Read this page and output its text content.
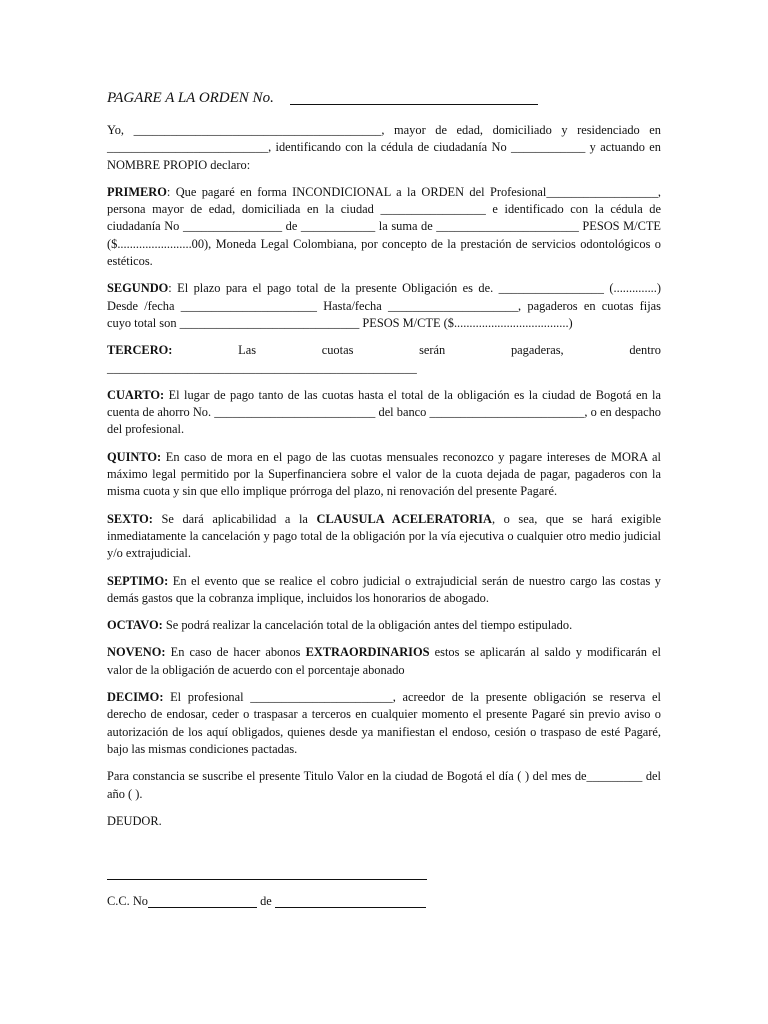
PAGARE A LA ORDEN No.

Yo, ________________________________________, mayor de edad, domiciliado y residenciado en __________________________, identificando con la cédula de ciudadanía No ____________ y actuando en NOMBRE PROPIO declaro:

PRIMERO: Que pagaré en forma INCONDICIONAL a la ORDEN del Profesional__________________, persona mayor de edad, domiciliada en la ciudad _________________ e identificado con la cédula de ciudadanía No ________________ de ____________ la suma de _______________________ PESOS M/CTE ($........................00), Moneda Legal Colombiana, por concepto de la prestación de servicios odontológicos o estéticos.

SEGUNDO: El plazo para el pago total de la presente Obligación es de. _________________ (..............) Desde /fecha ______________________ Hasta/fecha _____________________, pagaderos en cuotas fijas cuyo total son _____________________________ PESOS M/CTE ($.....................................)

TERCERO:	Las	cuotas	serán	pagaderas,	dentro
__________________________________________________

CUARTO: El lugar de pago tanto de las cuotas hasta el total de la obligación es la ciudad de Bogotá en la cuenta de ahorro No. __________________________ del banco _________________________, o en despacho del profesional.

QUINTO: En caso de mora en el pago de las cuotas mensuales reconozco y pagare intereses de MORA al máximo legal permitido por la Superfinanciera sobre el valor de la cuota dejada de pagar, pagaderos con la misma cuota y sin que ello implique prórroga del plazo, ni renovación del presente Pagaré.

SEXTO: Se dará aplicabilidad a la CLAUSULA ACELERATORIA, o sea, que se hará exigible inmediatamente la cancelación y pago total de la obligación por la vía ejecutiva o cualquier otro medio judicial y/o extrajudicial.

SEPTIMO: En el evento que se realice el cobro judicial o extrajudicial serán de nuestro cargo las costas y demás gastos que la cobranza implique, incluidos los honorarios de abogado.

OCTAVO: Se podrá realizar la cancelación total de la obligación antes del tiempo estipulado.

NOVENO: En caso de hacer abonos EXTRAORDINARIOS estos se aplicarán al saldo y modificarán el valor de la obligación de acuerdo con el porcentaje abonado

DECIMO: El profesional _______________________, acreedor de la presente obligación se reserva el derecho de endosar, ceder o traspasar a terceros en cualquier momento el presente Pagaré sin previo aviso o autorización de los aquí obligados, quienes desde ya manifiestan el endoso, cesión o traspaso de esté Pagaré, bajo las mismas condiciones pactadas.

Para constancia se suscribe el presente Titulo Valor en la ciudad de Bogotá el día ( ) del mes de_________ del año ( ).

DEUDOR.

C.C. No	de
